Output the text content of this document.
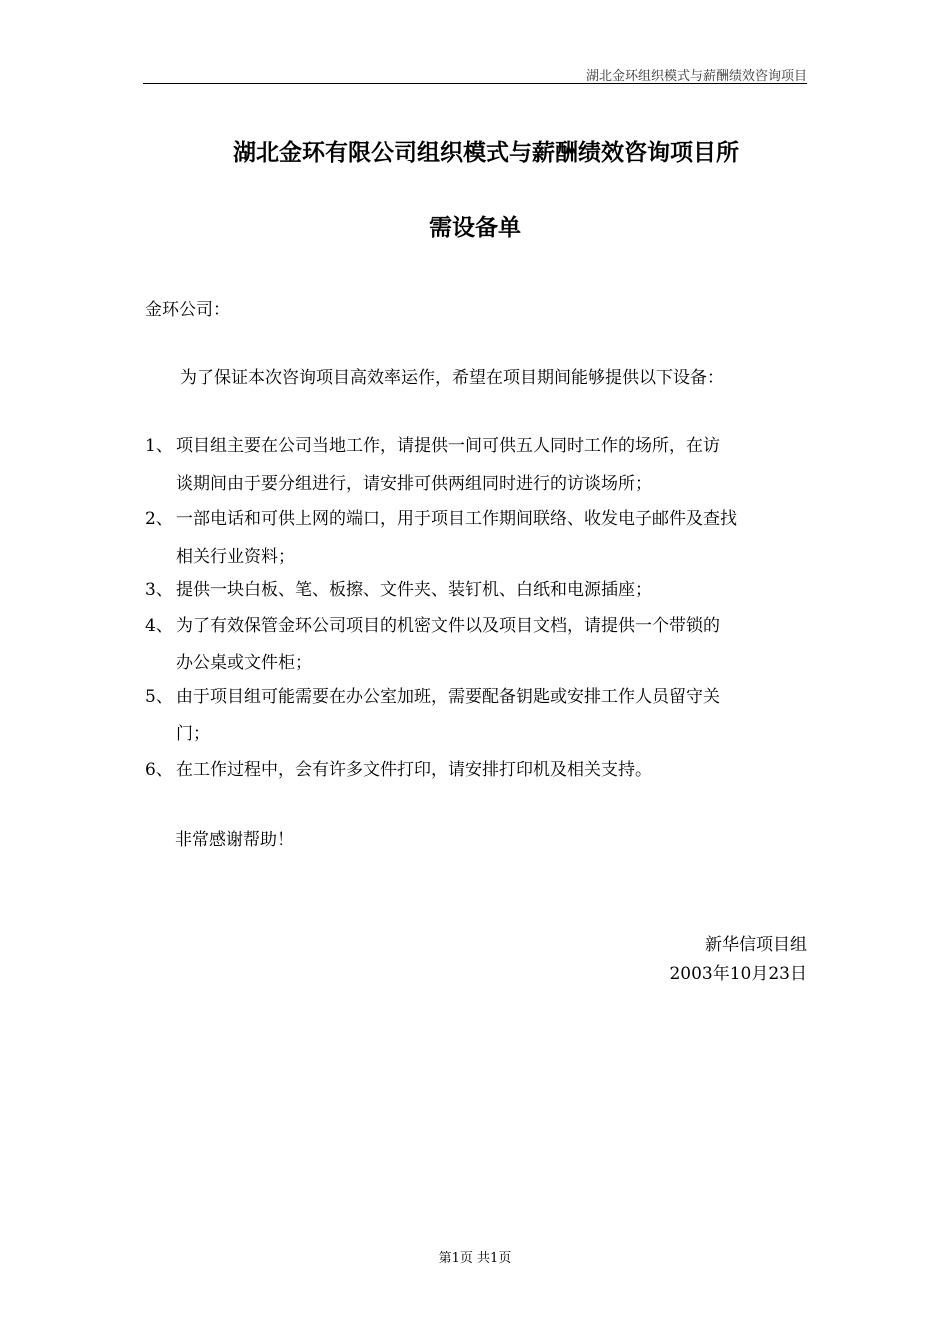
湖北金环组织模式与薪酬绩效咨询项目
湖北金环有限公司组织模式与薪酬绩效咨询项目所
需设备单
金环公司：
为了保证本次咨询项目高效率运作，希望在项目期间能够提供以下设备：
1、 项目组主要在公司当地工作，请提供一间可供五人同时工作的场所，在访
谈期间由于要分组进行，请安排可供两组同时进行的访谈场所；
2、 一部电话和可供上网的端口，用于项目工作期间联络、收发电子邮件及查找
相关行业资料；
3、 提供一块白板、笔、板擦、文件夹、装钉机、白纸和电源插座；
4、 为了有效保管金环公司项目的机密文件以及项目文档，请提供一个带锁的
办公桌或文件柜；
5、 由于项目组可能需要在办公室加班，需要配备钥匙或安排工作人员留守关
门；
6、 在工作过程中，会有许多文件打印，请安排打印机及相关支持。
非常感谢帮助！
新华信项目组
2003年10月23日
第1页 共1页
